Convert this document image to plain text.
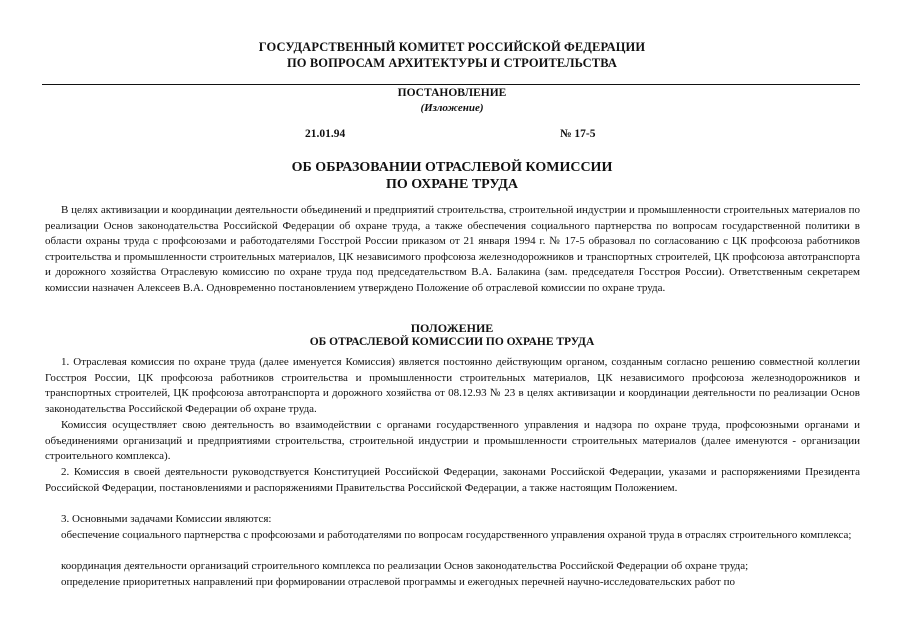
ГОСУДАРСТВЕННЫЙ КОМИТЕТ РОССИЙСКОЙ ФЕДЕРАЦИИ
ПО ВОПРОСАМ АРХИТЕКТУРЫ И СТРОИТЕЛЬСТВА
ПОСТАНОВЛЕНИЕ
(Изложение)
21.01.94	№ 17-5
ОБ ОБРАЗОВАНИИ ОТРАСЛЕВОЙ КОМИССИИ
ПО ОХРАНЕ ТРУДА

В целях активизации и координации деятельности объединений и предприятий строительства, строительной индустрии и промышленности строительных материалов по реализации Основ законодательства Российской Федерации об охране труда, а также обеспечения социального партнерства по вопросам государственной политики в области охраны труда с профсоюзами и работодателями Госстрой России приказом от 21 января 1994 г. № 17-5 образовал по согласованию с ЦК профсоюза работников строительства и промышленности строительных материалов, ЦК независимого профсоюза железнодорожников и транспортных строителей, ЦК профсоюза автотранспорта и дорожного хозяйства Отраслевую комиссию по охране труда под председательством В.А. Балакина (зам. председателя Госстроя России). Ответственным секретарем комиссии назначен Алексеев В.А. Одновременно постановлением утверждено Положение об отраслевой комиссии по охране труда.

ПОЛОЖЕНИЕ
ОБ ОТРАСЛЕВОЙ КОМИССИИ ПО ОХРАНЕ ТРУДА

1. Отраслевая комиссия по охране труда (далее именуется Комиссия) является постоянно действующим органом, созданным согласно решению совместной коллегии Госстроя России, ЦК профсоюза работников строительства и промышленности строительных материалов, ЦК независимого профсоюза железнодорожников и транспортных строителей, ЦК профсоюза автотранспорта и дорожного хозяйства от 08.12.93 № 23 в целях активизации и координации деятельности по реализации Основ законодательства Российской Федерации об охране труда.

Комиссия осуществляет свою деятельность во взаимодействии с органами государственного управления и надзора по охране труда, профсоюзными органами и объединениями организаций и предприятиями строительства, строительной индустрии и промышленности строительных материалов (далее именуются - организации строительного комплекса).

2. Комиссия в своей деятельности руководствуется Конституцией Российской Федерации, законами Российской Федерации, указами и распоряжениями Президента Российской Федерации, постановлениями и распоряжениями Правительства Российской Федерации, а также настоящим Положением.

3. Основными задачами Комиссии являются:

обеспечение социального партнерства с профсоюзами и работодателями по вопросам государственного управления охраной труда в отраслях строительного комплекса;

координация деятельности организаций строительного комплекса по реализации Основ законодательства Российской Федерации об охране труда;

определение приоритетных направлений при формировании отраслевой программы и ежегодных перечней научно-исследовательских работ по
